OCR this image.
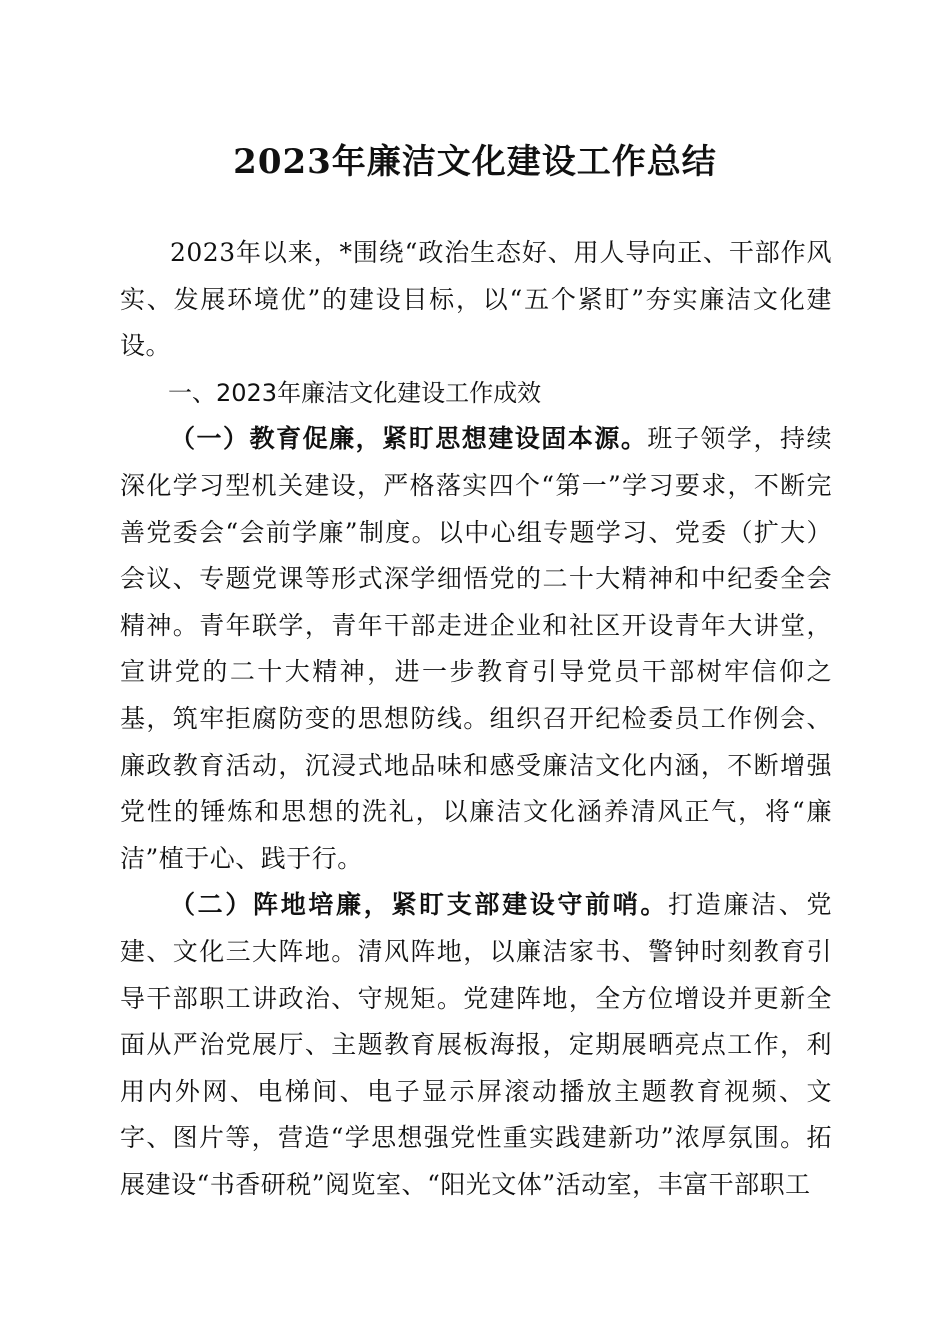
2023年廉洁文化建设工作总结

2023年以来，*围绕“政治生态好、用人导向正、干部作风实、发展环境优”的建设目标，以“五个紧盯”夯实廉洁文化建设。

一、2023年廉洁文化建设工作成效

（一）教育促廉，紧盯思想建设固本源。班子领学，持续深化学习型机关建设，严格落实四个“第一”学习要求，不断完善党委会“会前学廉”制度。以中心组专题学习、党委（扩大）会议、专题党课等形式深学细悟党的二十大精神和中纪委全会精神。青年联学，青年干部走进企业和社区开设青年大讲堂，宣讲党的二十大精神，进一步教育引导党员干部树牢信仰之基，筑牢拒腐防变的思想防线。组织召开纪检委员工作例会、廉政教育活动，沉浸式地品味和感受廉洁文化内涵，不断增强党性的锤炼和思想的洗礼，以廉洁文化涵养清风正气，将“廉洁”植于心、践于行。

（二）阵地培廉，紧盯支部建设守前哨。打造廉洁、党建、文化三大阵地。清风阵地，以廉洁家书、警钟时刻教育引导干部职工讲政治、守规矩。党建阵地，全方位增设并更新全面从严治党展厅、主题教育展板海报，定期展晒亮点工作，利用内外网、电梯间、电子显示屏滚动播放主题教育视频、文字、图片等，营造“学思想强党性重实践建新功”浓厚氛围。拓展建设“书香研税”阅览室、“阳光文体”活动室，丰富干部职工
